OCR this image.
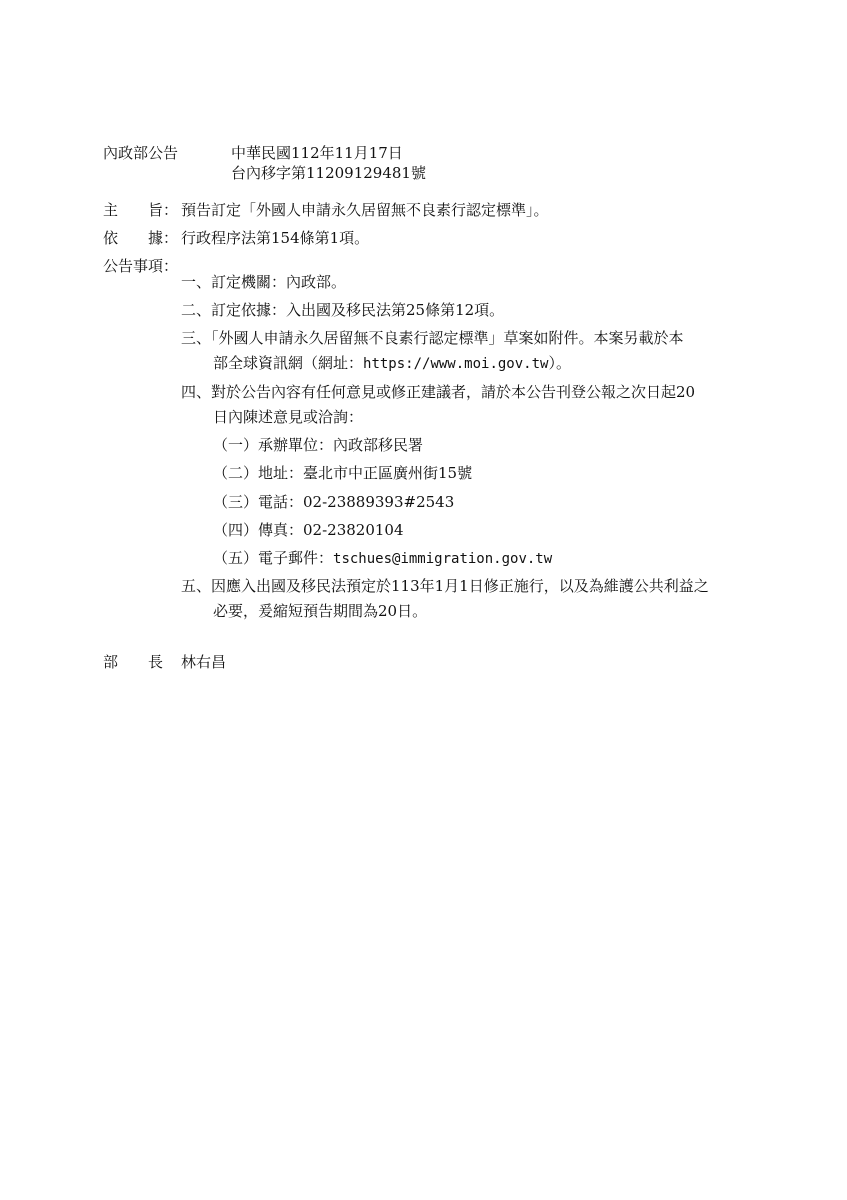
內政部公告	中華民國112年11月17日
台內移字第11209129481號
主　　旨： 預告訂定「外國人申請永久居留無不良素行認定標準」。
依　　據： 行政程序法第154條第1項。
公告事項：
一、訂定機關：內政部。
二、訂定依據：入出國及移民法第25條第12項。
三、「外國人申請永久居留無不良素行認定標準」草案如附件。本案另載於本
部全球資訊網（網址：https://www.moi.gov.tw）。
四、對於公告內容有任何意見或修正建議者，請於本公告刊登公報之次日起20
日內陳述意見或洽詢：
（一）承辦單位：內政部移民署
（二）地址：臺北市中正區廣州街15號
（三）電話：02-23889393#2543
（四）傳真：02-23820104
（五）電子郵件：tschues@immigration.gov.tw
五、因應入出國及移民法預定於113年1月1日修正施行，以及為維護公共利益之
必要，爰縮短預告期間為20日。
部　　長 林右昌
